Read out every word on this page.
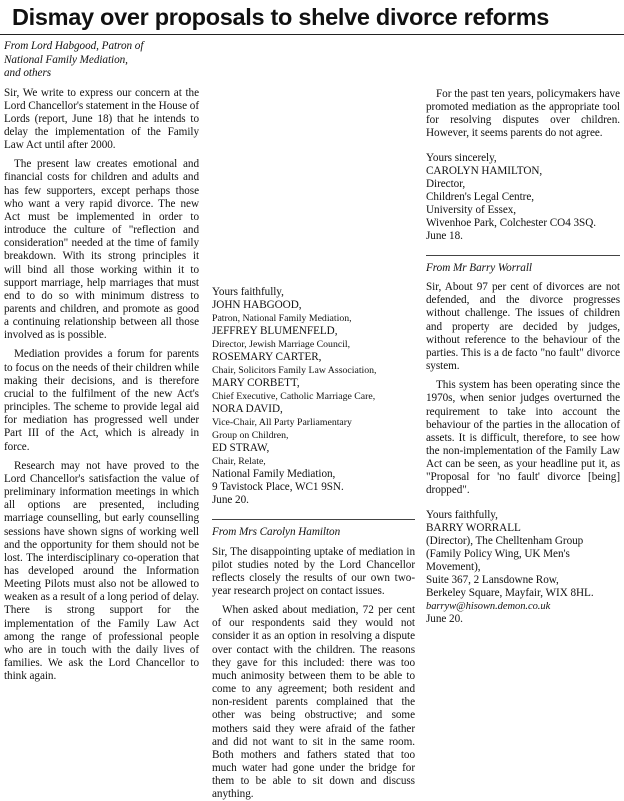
Dismay over proposals to shelve divorce reforms
From Lord Habgood, Patron of
National Family Mediation,
and others

Sir, We write to express our concern at the Lord Chancellor's statement in the House of Lords (report, June 18) that he intends to delay the implementation of the Family Law Act until after 2000.

The present law creates emotional and financial costs for children and adults and has few supporters, except perhaps those who want a very rapid divorce. The new Act must be implemented in order to introduce the culture of "reflection and consideration" needed at the time of family breakdown. With its strong principles it will bind all those working within it to support marriage, help marriages that must end to do so with minimum distress to parents and children, and promote as good a continuing relationship between all those involved as is possible.

Mediation provides a forum for parents to focus on the needs of their children while making their decisions, and is therefore crucial to the fulfilment of the new Act's principles. The scheme to provide legal aid for mediation has progressed well under Part III of the Act, which is already in force.

Research may not have proved to the Lord Chancellor's satisfaction the value of preliminary information meetings in which all options are presented, including marriage counselling, but early counselling sessions have shown signs of working well and the opportunity for them should not be lost. The interdisciplinary co-operation that has developed around the Information Meeting Pilots must also not be allowed to weaken as a result of a long period of delay. There is strong support for the implementation of the Family Law Act among the range of professional people who are in touch with the daily lives of families. We ask the Lord Chancellor to think again.

Yours faithfully,
JOHN HABGOOD,
Patron, National Family Mediation,
JEFFREY BLUMENFELD,
Director, Jewish Marriage Council,
ROSEMARY CARTER,
Chair, Solicitors Family Law Association,
MARY CORBETT,
Chief Executive, Catholic Marriage Care,
NORA DAVID,
Vice-Chair, All Party Parliamentary
Group on Children,
ED STRAW,
Chair, Relate,
National Family Mediation,
9 Tavistock Place, WC1 9SN.
June 20.
From Mrs Carolyn Hamilton

Sir, The disappointing uptake of mediation in pilot studies noted by the Lord Chancellor reflects closely the results of our own two-year research project on contact issues.

When asked about mediation, 72 per cent of our respondents said they would not consider it as an option in resolving a dispute over contact with the children. The reasons they gave for this included: there was too much animosity between them to be able to come to any agreement; both resident and non-resident parents complained that the other was being obstructive; and some mothers said they were afraid of the father and did not want to sit in the same room. Both mothers and fathers stated that too much water had gone under the bridge for them to be able to sit down and discuss anything.

For the past ten years, policymakers have promoted mediation as the appropriate tool for resolving disputes over children. However, it seems parents do not agree.

Yours sincerely,
CAROLYN HAMILTON,
Director,
Children's Legal Centre,
University of Essex,
Wivenhoe Park, Colchester CO4 3SQ.
June 18.
From Mr Barry Worrall

Sir, About 97 per cent of divorces are not defended, and the divorce progresses without challenge. The issues of children and property are decided by judges, without reference to the behaviour of the parties. This is a de facto "no fault" divorce system.

This system has been operating since the 1970s, when senior judges overturned the requirement to take into account the behaviour of the parties in the allocation of assets. It is difficult, therefore, to see how the non-implementation of the Family Law Act can be seen, as your headline put it, as "Proposal for 'no fault' divorce [being] dropped".

Yours faithfully,
BARRY WORRALL
(Director), The Chelltenham Group
(Family Policy Wing, UK Men's
Movement),
Suite 367, 2 Lansdowne Row,
Berkeley Square, Mayfair, WIX 8HL.
barryw@hisown.demon.co.uk
June 20.
